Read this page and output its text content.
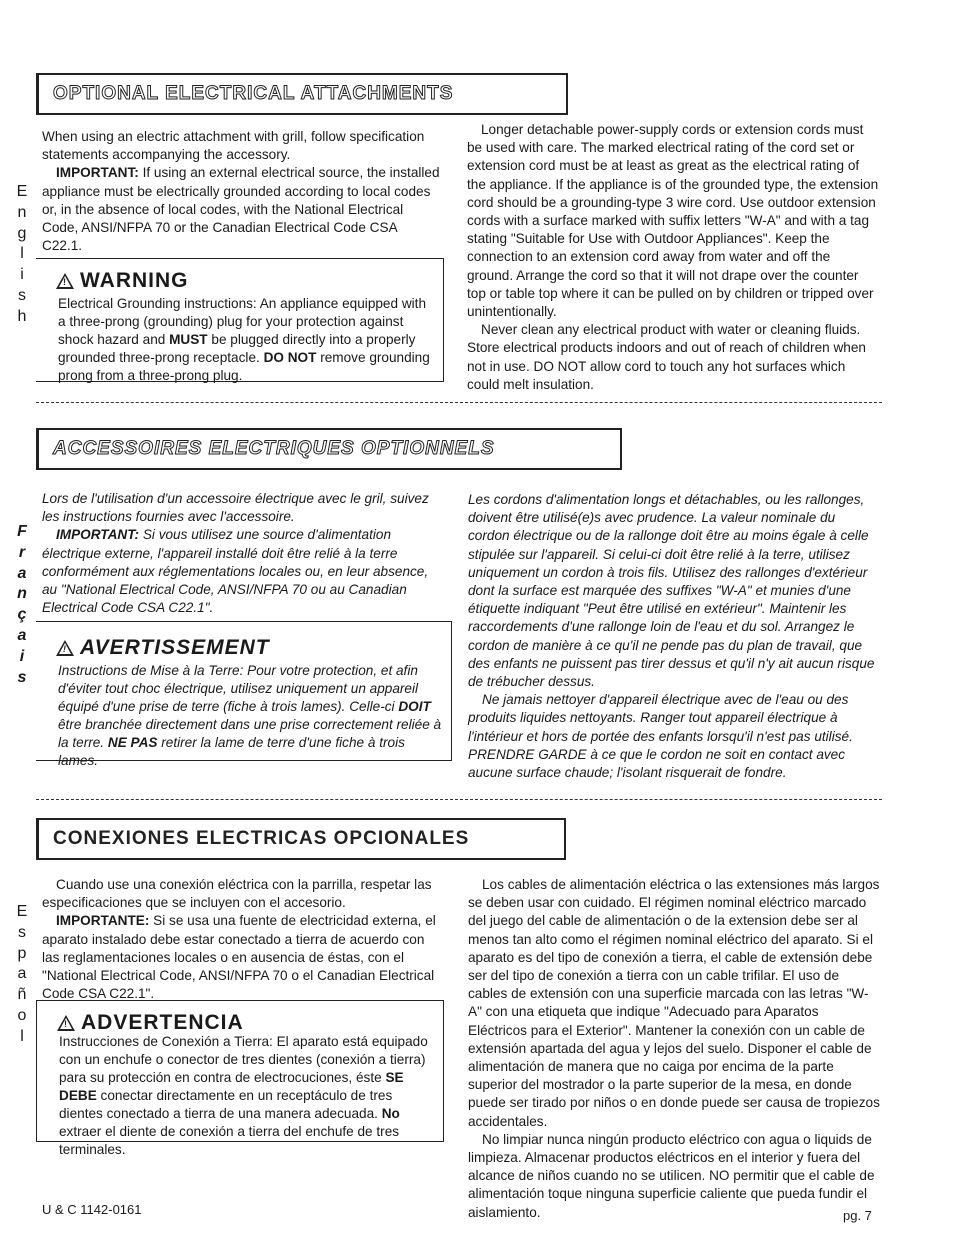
E
n
g
l
i
s
h
OPTIONAL ELECTRICAL ATTACHMENTS

When using an electric attachment with grill, follow specification statements accompanying the accessory.

IMPORTANT: If using an external electrical source, the installed appliance must be electrically grounded according to local codes or, in the absence of local codes, with the National Electrical Code, ANSI/NFPA 70 or the Canadian Electrical Code CSA C22.1.

!
WARNING
Electrical Grounding instructions: An appliance equipped with a three-prong (grounding) plug for your protection against shock hazard and MUST be plugged directly into a properly grounded three-prong receptacle. DO NOT remove grounding prong from a three-prong plug.

Longer detachable power-supply cords or extension cords must be used with care. The marked electrical rating of the cord set or extension cord must be at least as great as the electrical rating of the appliance. If the appliance is of the grounded type, the extension cord should be a grounding-type 3 wire cord. Use outdoor extension cords with a surface marked with suffix letters "W-A" and with a tag stating "Suitable for Use with Outdoor Appliances". Keep the connection to an extension cord away from water and off the ground. Arrange the cord so that it will not drape over the counter top or table top where it can be pulled on by children or tripped over unintentionally.

Never clean any electrical product with water or cleaning fluids. Store electrical products indoors and out of reach of children when not in use. DO NOT allow cord to touch any hot surfaces which could melt insulation.

F
r
a
n
ç
a
i
s
ACCESSOIRES ELECTRIQUES OPTIONNELS

Lors de l'utilisation d'un accessoire électrique avec le gril, suivez les instructions fournies avec l'accessoire.

IMPORTANT: Si vous utilisez une source d'alimentation électrique externe, l'appareil installé doit être relié à la terre conformément aux réglementations locales ou, en leur absence, au "National Electrical Code, ANSI/NFPA 70 ou au Canadian Electrical Code CSA C22.1".

!
AVERTISSEMENT
Instructions de Mise à la Terre: Pour votre protection, et afin d'éviter tout choc électrique, utilisez uniquement un appareil équipé d'une prise de terre (fiche à trois lames). Celle-ci DOIT être branchée directement dans une prise correctement reliée à la terre. NE PAS retirer la lame de terre d'une fiche à trois lames.

Les cordons d'alimentation longs et détachables, ou les rallonges, doivent être utilisé(e)s avec prudence. La valeur nominale du cordon électrique ou de la rallonge doit être au moins égale à celle stipulée sur l'appareil. Si celui-ci doit être relié à la terre, utilisez uniquement un cordon à trois fils. Utilisez des rallonges d'extérieur dont la surface est marquée des suffixes "W-A" et munies d'une étiquette indiquant "Peut être utilisé en extérieur". Maintenir les raccordements d'une rallonge loin de l'eau et du sol. Arrangez le cordon de manière à ce qu'il ne pende pas du plan de travail, que des enfants ne puissent pas tirer dessus et qu'il n'y ait aucun risque de trébucher dessus.

Ne jamais nettoyer d'appareil électrique avec de l'eau ou des produits liquides nettoyants. Ranger tout appareil électrique à l'intérieur et hors de portée des enfants lorsqu'il n'est pas utilisé. PRENDRE GARDE à ce que le cordon ne soit en contact avec aucune surface chaude; l'isolant risquerait de fondre.

E
s
p
a
ñ
o
l
CONEXIONES ELECTRICAS OPCIONALES

Cuando use una conexión eléctrica con la parrilla, respetar las especificaciones que se incluyen con el accesorio.

IMPORTANTE: Si se usa una fuente de electricidad externa, el aparato instalado debe estar conectado a tierra de acuerdo con las reglamentaciones locales o en ausencia de éstas, con el "National Electrical Code, ANSI/NFPA 70 o el Canadian Electrical Code CSA C22.1".

!
ADVERTENCIA
Instrucciones de Conexión a Tierra: El aparato está equipado con un enchufe o conector de tres dientes (conexión a tierra) para su protección en contra de electrocuciones, éste SE DEBE conectar directamente en un receptáculo de tres dientes conectado a tierra de una manera adecuada. No extraer el diente de conexión a tierra del enchufe de tres terminales.

Los cables de alimentación eléctrica o las extensiones más largos se deben usar con cuidado. El régimen nominal eléctrico marcado del juego del cable de alimentación o de la extension debe ser al menos tan alto como el régimen nominal eléctrico del aparato. Si el aparato es del tipo de conexión a tierra, el cable de extensión debe ser del tipo de conexión a tierra con un cable trifilar. El uso de cables de extensión con una superficie marcada con las letras "W-A" con una etiqueta que indique "Adecuado para Aparatos Eléctricos para el Exterior". Mantener la conexión con un cable de extensión apartada del agua y lejos del suelo. Disponer el cable de alimentación de manera que no caiga por encima de la parte superior del mostrador o la parte superior de la mesa, en donde puede ser tirado por niños o en donde puede ser causa de tropiezos accidentales.

No limpiar nunca ningún producto eléctrico con agua o liquids de limpieza. Almacenar productos eléctricos en el interior y fuera del alcance de niños cuando no se utilicen. NO permitir que el cable de alimentación toque ninguna superficie caliente que pueda fundir el aislamiento.

U & C 1142-0161	pg. 7
